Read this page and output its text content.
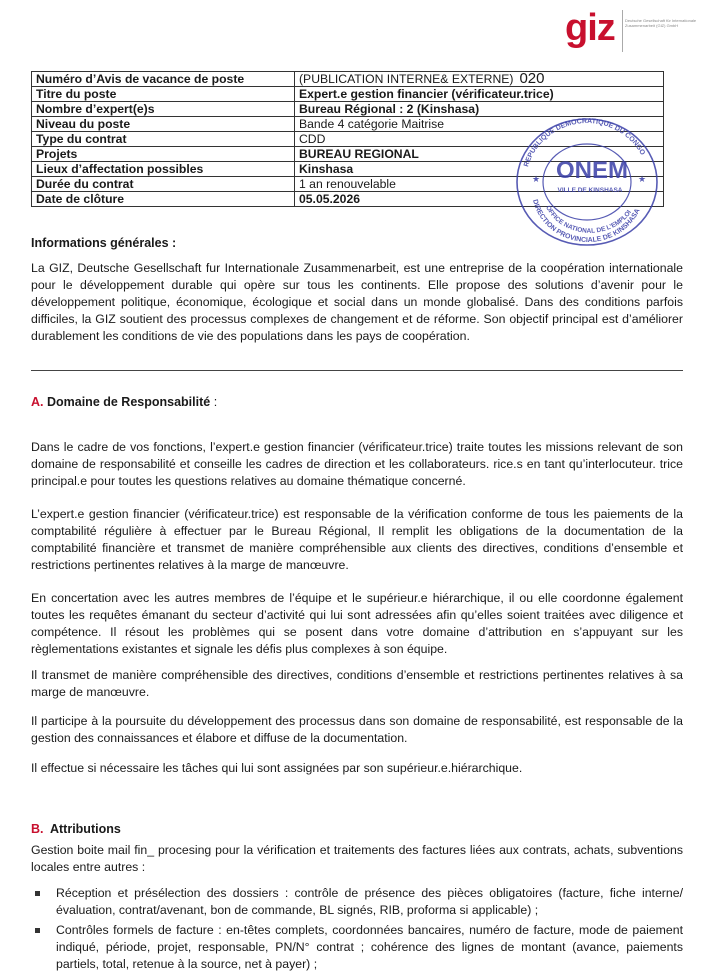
giz	Deutsche Gesellschaft für Internationale Zusammenarbeit (GIZ) GmbH
Numéro d’Avis de vacance de poste	(PUBLICATION INTERNE& EXTERNE) 020
Titre du poste	Expert.e gestion financier (vérificateur.trice)
Nombre d’expert(e)s	Bureau Régional : 2 (Kinshasa)
Niveau du poste	Bande 4 catégorie Maitrise
Type du contrat	CDD
Projets	BUREAU REGIONAL
Lieux d’affectation possibles	Kinshasa
Durée du contrat	1 an renouvelable
Date de clôture	05.05.2026
REPUBLIQUE DEMOCRATIQUE DU CONGO
DIRECTION PROVINCIALE DE KINSHASA
OFFICE NATIONAL DE L’EMPLOI
ONEM
VILLE DE KINSHASA
★	★
Informations générales :
La GIZ, Deutsche Gesellschaft fur Internationale Zusammenarbeit, est une entreprise de la coopération internationale pour le développement durable qui opère sur tous les continents. Elle propose des solutions d’avenir pour le développement politique, économique, écologique et social dans un monde globalisé. Dans des conditions parfois difficiles, la GIZ soutient des processus complexes de changement et de réforme. Son objectif principal est d’améliorer durablement les conditions de vie des populations dans les pays de coopération.
A. Domaine de Responsabilité :
Dans le cadre de vos fonctions, l’expert.e gestion financier (vérificateur.trice) traite toutes les missions relevant de son domaine de responsabilité et conseille les cadres de direction et les collaborateurs. rice.s en tant qu’interlocuteur. trice principal.e pour toutes les questions relatives au domaine thématique concerné.
L’expert.e gestion financier (vérificateur.trice) est responsable de la vérification conforme de tous les paiements de la comptabilité régulière à effectuer par le Bureau Régional, Il remplit les obligations de la documentation de la comptabilité financière et transmet de manière compréhensible aux clients des directives, conditions d’ensemble et restrictions pertinentes relatives à la marge de manœuvre.
En concertation avec les autres membres de l’équipe et le supérieur.e hiérarchique, il ou elle coordonne également toutes les requêtes émanant du secteur d’activité qui lui sont adressées afin qu’elles soient traitées avec diligence et compétence. Il résout les problèmes qui se posent dans votre domaine d’attribution en s’appuyant sur les règlementations existantes et signale les défis plus complexes à son équipe.
Il transmet de manière compréhensible des directives, conditions d’ensemble et restrictions pertinentes relatives à sa marge de manœuvre.
Il participe à la poursuite du développement des processus dans son domaine de responsabilité, est responsable de la gestion des connaissances et élabore et diffuse de la documentation.
Il effectue si nécessaire les tâches qui lui sont assignées par son supérieur.e.hiérarchique.
B. Attributions
Gestion boite mail fin_ procesing pour la vérification et traitements des factures liées aux contrats, achats, subventions locales entre autres :
Réception et présélection des dossiers : contrôle de présence des pièces obligatoires (facture, fiche interne/évaluation, contrat/avenant, bon de commande, BL signés, RIB, proforma si applicable) ;
Contrôles formels de facture : en-têtes complets, coordonnées bancaires, numéro de facture, mode de paiement indiqué, période, projet, responsable, PN/N° contrat ; cohérence des lignes de montant (avance, paiements partiels, total, retenue à la source, net à payer) ;
